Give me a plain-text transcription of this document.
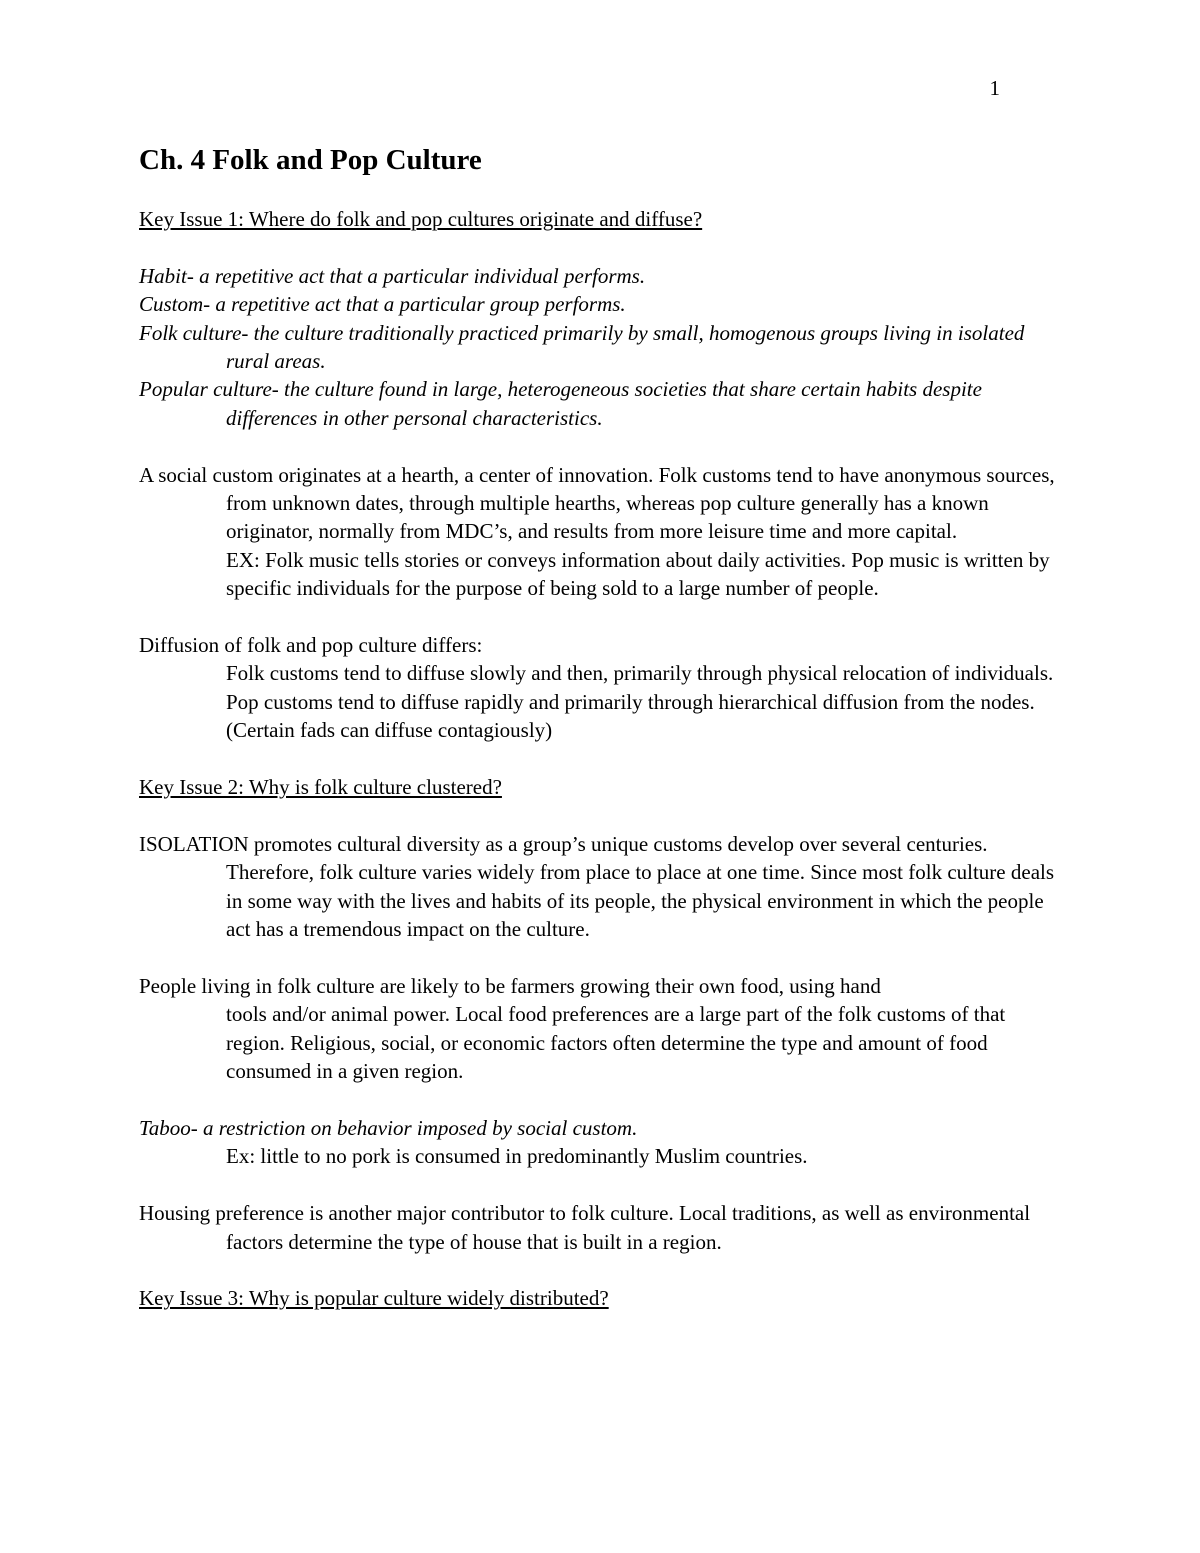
1
Ch. 4 Folk and Pop Culture

Key Issue 1: Where do folk and pop cultures originate and diffuse?

Habit- a repetitive act that a particular individual performs.

Custom- a repetitive act that a particular group performs.

Folk culture- the culture traditionally practiced primarily by small, homogenous groups living in isolated rural areas.

Popular culture- the culture found in large, heterogeneous societies that share certain habits despite differences in other personal characteristics.

A social custom originates at a hearth, a center of innovation. Folk customs tend to have anonymous sources, from unknown dates, through multiple hearths, whereas pop culture generally has a known originator, normally from MDC’s, and results from more leisure time and more capital.

EX: Folk music tells stories or conveys information about daily activities. Pop music is written by specific individuals for the purpose of being sold to a large number of people.

Diffusion of folk and pop culture differs:

Folk customs tend to diffuse slowly and then, primarily through physical relocation of individuals.

Pop customs tend to diffuse rapidly and primarily through hierarchical diffusion from the nodes. (Certain fads can diffuse contagiously)

Key Issue 2: Why is folk culture clustered?

ISOLATION promotes cultural diversity as a group’s unique customs develop over several centuries. Therefore, folk culture varies widely from place to place at one time. Since most folk culture deals in some way with the lives and habits of its people, the physical environment in which the people act has a tremendous impact on the culture.

People living in folk culture are likely to be farmers growing their own food, using hand

tools and/or animal power. Local food preferences are a large part of the folk customs of that region. Religious, social, or economic factors often determine the type and amount of food consumed in a given region.

Taboo- a restriction on behavior imposed by social custom.

Ex: little to no pork is consumed in predominantly Muslim countries.

Housing preference is another major contributor to folk culture. Local traditions, as well as environmental factors determine the type of house that is built in a region.

Key Issue 3: Why is popular culture widely distributed?
